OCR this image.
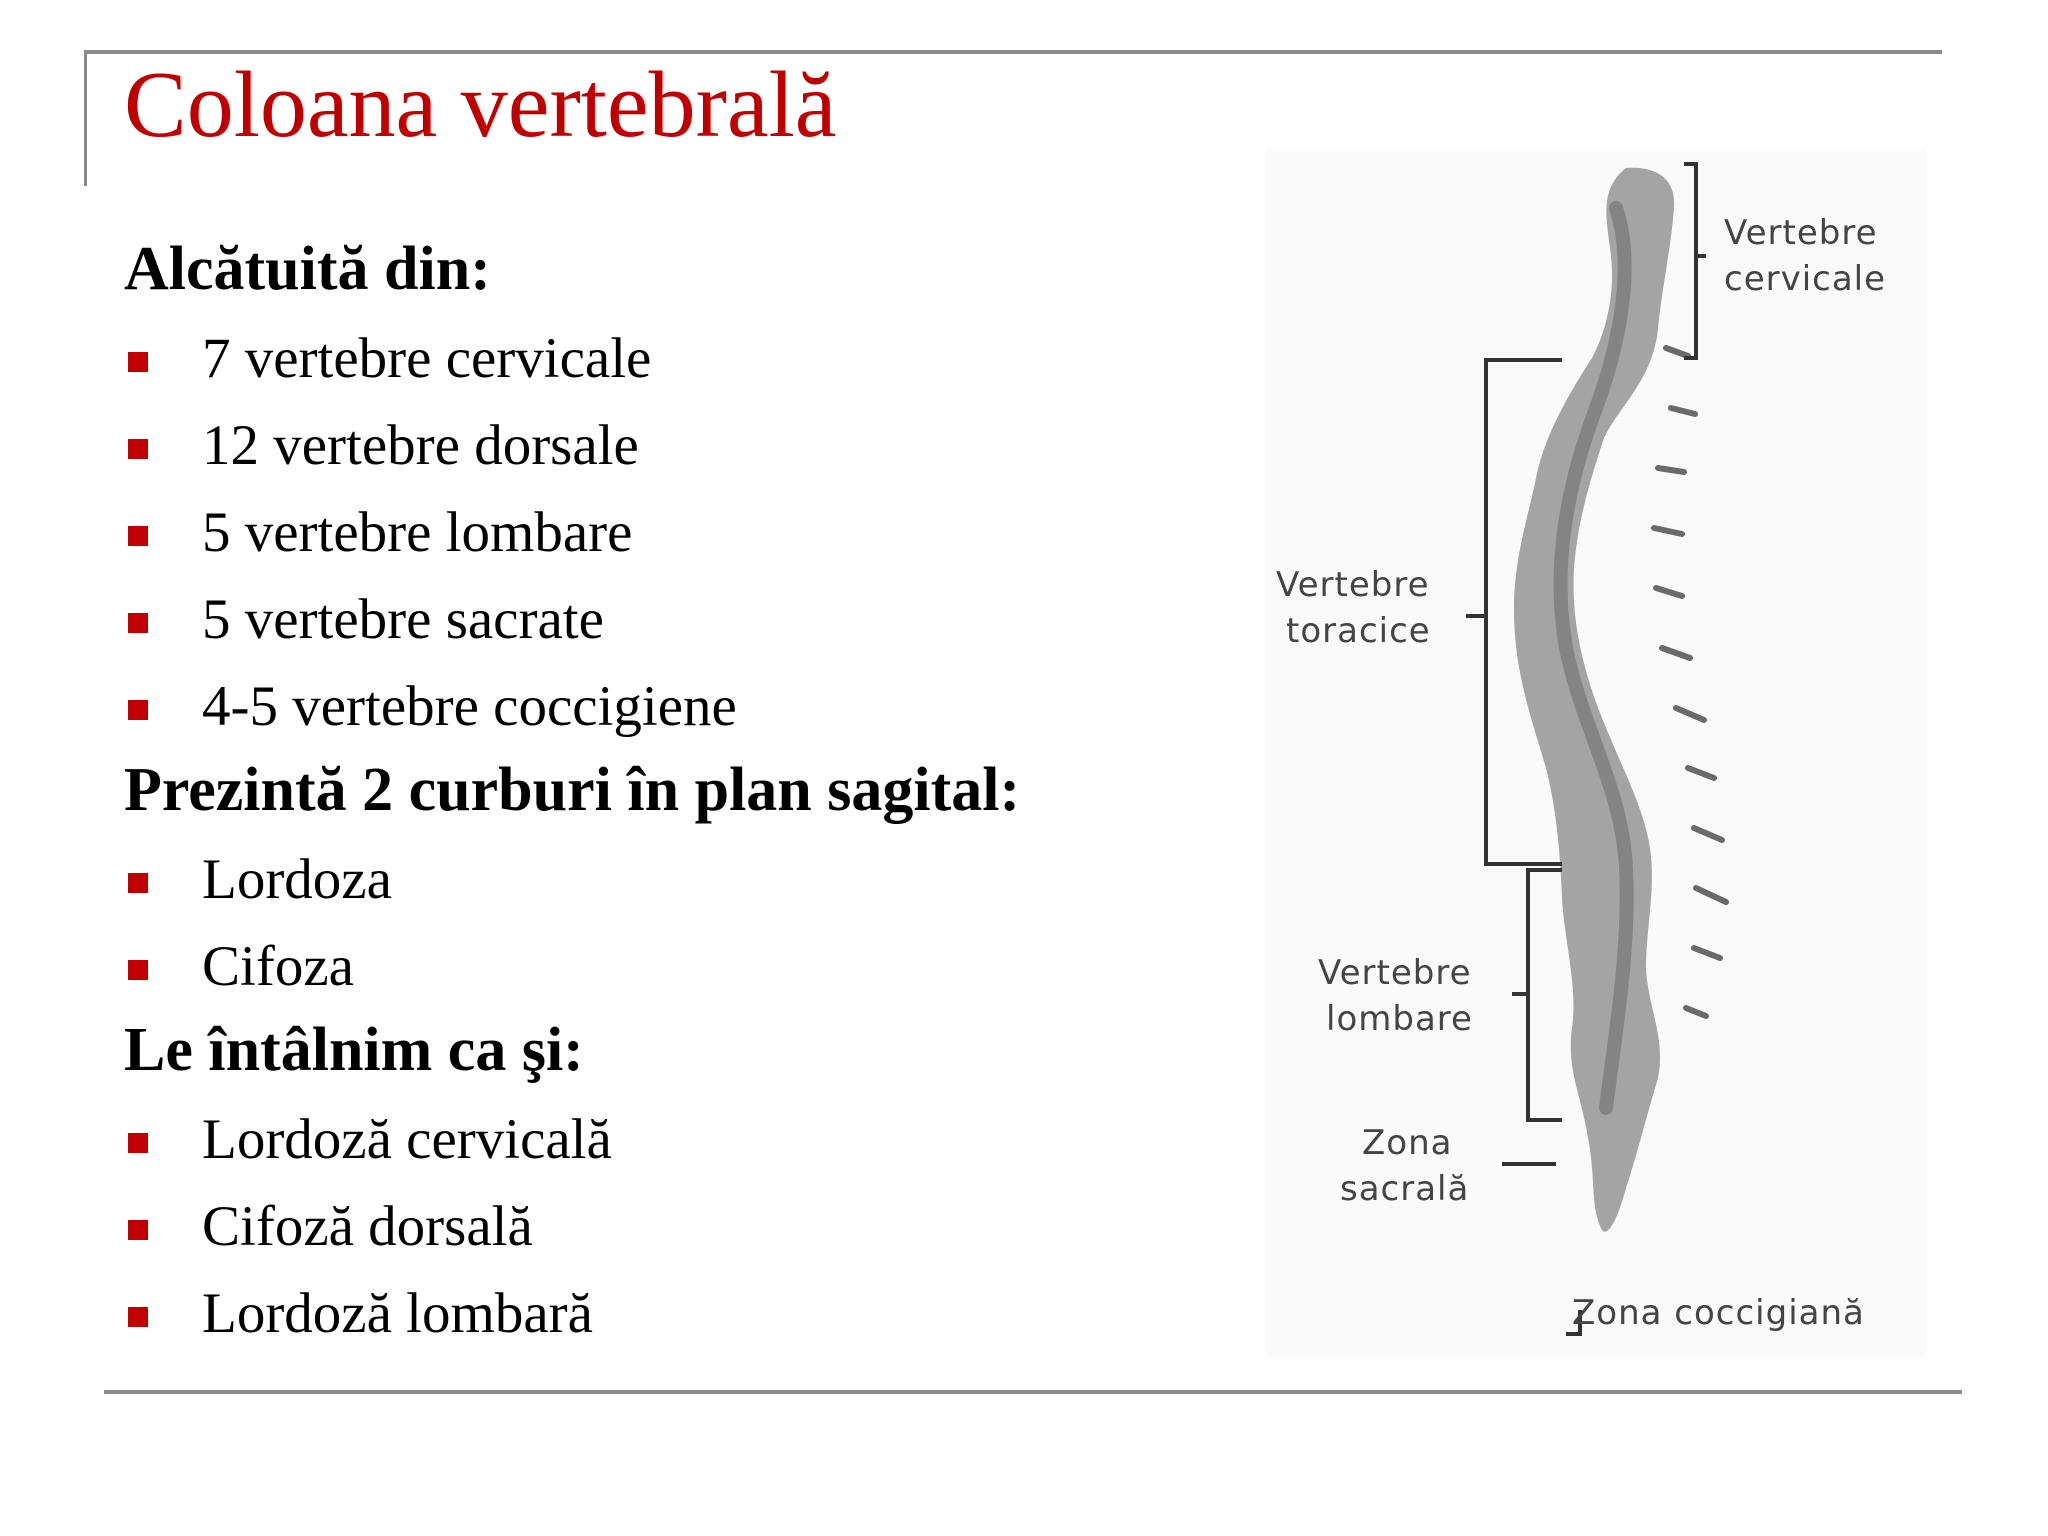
Coloana vertebrală
Alcătuită din:
7 vertebre cervicale
12 vertebre dorsale
5 vertebre lombare
5 vertebre sacrate
4-5 vertebre coccigiene
Prezintă 2 curburi în plan sagital:
Lordoza
Cifoza
Le întâlnim ca şi:
Lordoză cervicală
Cifoză dorsală
Lordoză lombară
Vertebre
cervicale
Vertebre
toracice
Vertebre
lombare
Zona
sacrală
Zona coccigiană
